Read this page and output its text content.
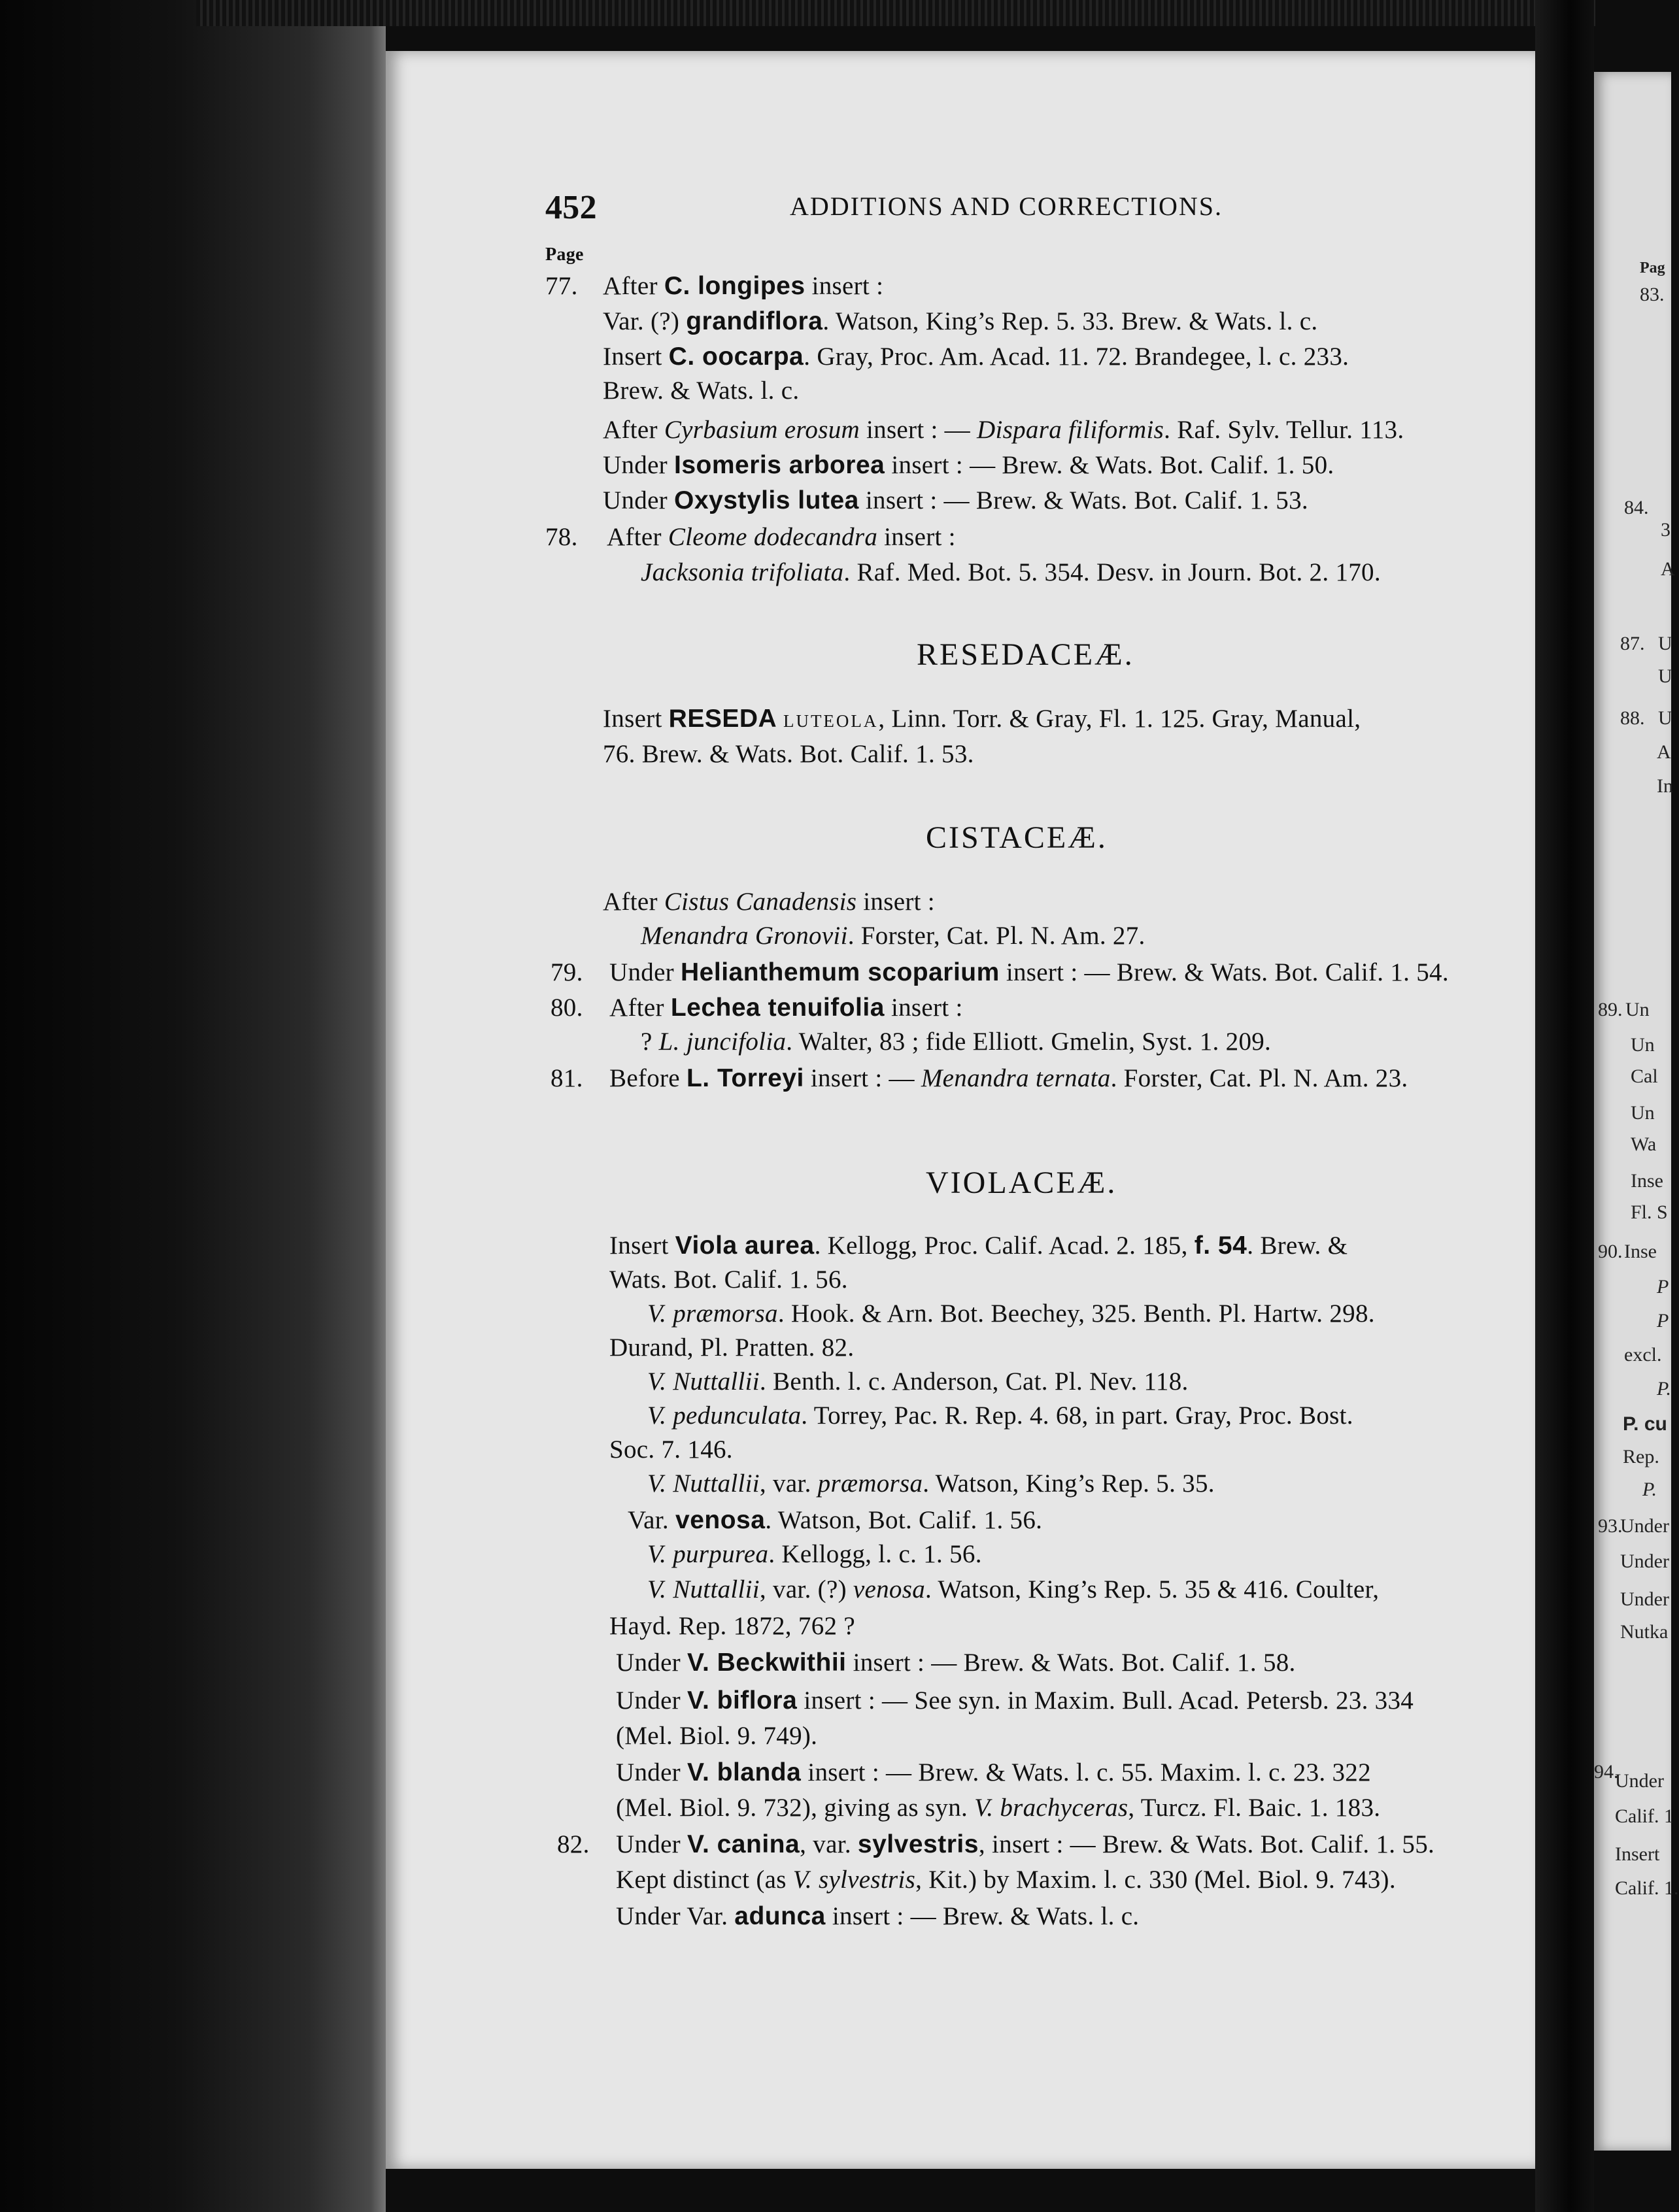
452	ADDITIONS AND CORRECTIONS.
Page
77. After C. longipes insert :
Var. (?) grandiflora. Watson, King’s Rep. 5. 33. Brew. & Wats. l. c.
Insert C. oocarpa. Gray, Proc. Am. Acad. 11. 72. Brandegee, l. c. 233.
Brew. & Wats. l. c.
After Cyrbasium erosum insert : — Dispara filiformis. Raf. Sylv. Tellur. 113.
Under Isomeris arborea insert : — Brew. & Wats. Bot. Calif. 1. 50.
Under Oxystylis lutea insert : — Brew. & Wats. Bot. Calif. 1. 53.
78. After Cleome dodecandra insert :
Jacksonia trifoliata. Raf. Med. Bot. 5. 354. Desv. in Journ. Bot. 2. 170.
RESEDACEÆ.
Insert RESEDA LUTEOLA, Linn. Torr. & Gray, Fl. 1. 125. Gray, Manual,
76. Brew. & Wats. Bot. Calif. 1. 53.
CISTACEÆ.
After Cistus Canadensis insert :
Menandra Gronovii. Forster, Cat. Pl. N. Am. 27.
79. Under Helianthemum scoparium insert : — Brew. & Wats. Bot. Calif. 1. 54.
80. After Lechea tenuifolia insert :
? L. juncifolia. Walter, 83 ; fide Elliott. Gmelin, Syst. 1. 209.
81. Before L. Torreyi insert : — Menandra ternata. Forster, Cat. Pl. N. Am. 23.
VIOLACEÆ.
Insert Viola aurea. Kellogg, Proc. Calif. Acad. 2. 185, f. 54. Brew. &
Wats. Bot. Calif. 1. 56.
V. præmorsa. Hook. & Arn. Bot. Beechey, 325. Benth. Pl. Hartw. 298.
Durand, Pl. Pratten. 82.
V. Nuttallii. Benth. l. c. Anderson, Cat. Pl. Nev. 118.
V. pedunculata. Torrey, Pac. R. Rep. 4. 68, in part. Gray, Proc. Bost.
Soc. 7. 146.
V. Nuttallii, var. præmorsa. Watson, King’s Rep. 5. 35.
Var. venosa. Watson, Bot. Calif. 1. 56.
V. purpurea. Kellogg, l. c. 1. 56.
V. Nuttallii, var. (?) venosa. Watson, King’s Rep. 5. 35 & 416. Coulter,
Hayd. Rep. 1872, 762 ?
Under V. Beckwithii insert : — Brew. & Wats. Bot. Calif. 1. 58.
Under V. biflora insert : — See syn. in Maxim. Bull. Acad. Petersb. 23. 334
(Mel. Biol. 9. 749).
Under V. blanda insert : — Brew. & Wats. l. c. 55. Maxim. l. c. 23. 322
(Mel. Biol. 9. 732), giving as syn. V. brachyceras, Turcz. Fl. Baic. 1. 183.
82. Under V. canina, var. sylvestris, insert : — Brew. & Wats. Bot. Calif. 1. 55.
Kept distinct (as V. sylvestris, Kit.) by Maxim. l. c. 330 (Mel. Biol. 9. 743).
Under Var. adunca insert : — Brew. & Wats. l. c.
Pag
83.
84.
3
A
87. U
U
88. U
A
In
89. Un
Un
Cal
Un
Wa
Inse
Fl. S
90. Inse
P
P
excl.
P.
P. cu
Rep.
P.
93.
Under
Under
Under
Nutka
94.
Under
Calif. 1
Insert
Calif. 1.
